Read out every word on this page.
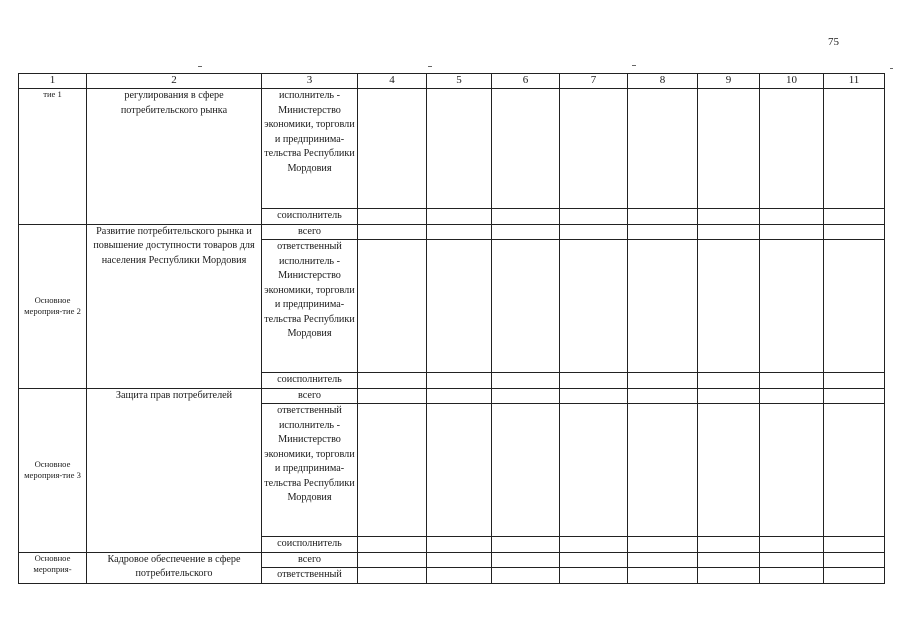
75
1	2	3	4	5	6	7	8	9	10	11
тие 1	регулирования в сфере потребительского рынка	исполнитель - Министерство экономики, торговли и предпринима-тельства Республики Мордовия								
		соисполнитель								
Основное мероприя-тие 2	Развитие потребительского рынка и повышение доступности товаров для населения Республики Мордовия	всего								
		ответственный исполнитель - Министерство экономики, торговли и предпринима-тельства Республики Мордовия								
		соисполнитель								
Основное мероприя-тие 3	Защита прав потребителей	всего								
		ответственный исполнитель - Министерство экономики, торговли и предпринима-тельства Республики Мордовия								
		соисполнитель								
Основное мероприя-	Кадровое обеспечение в сфере потребительского	всего								
		ответственный								
